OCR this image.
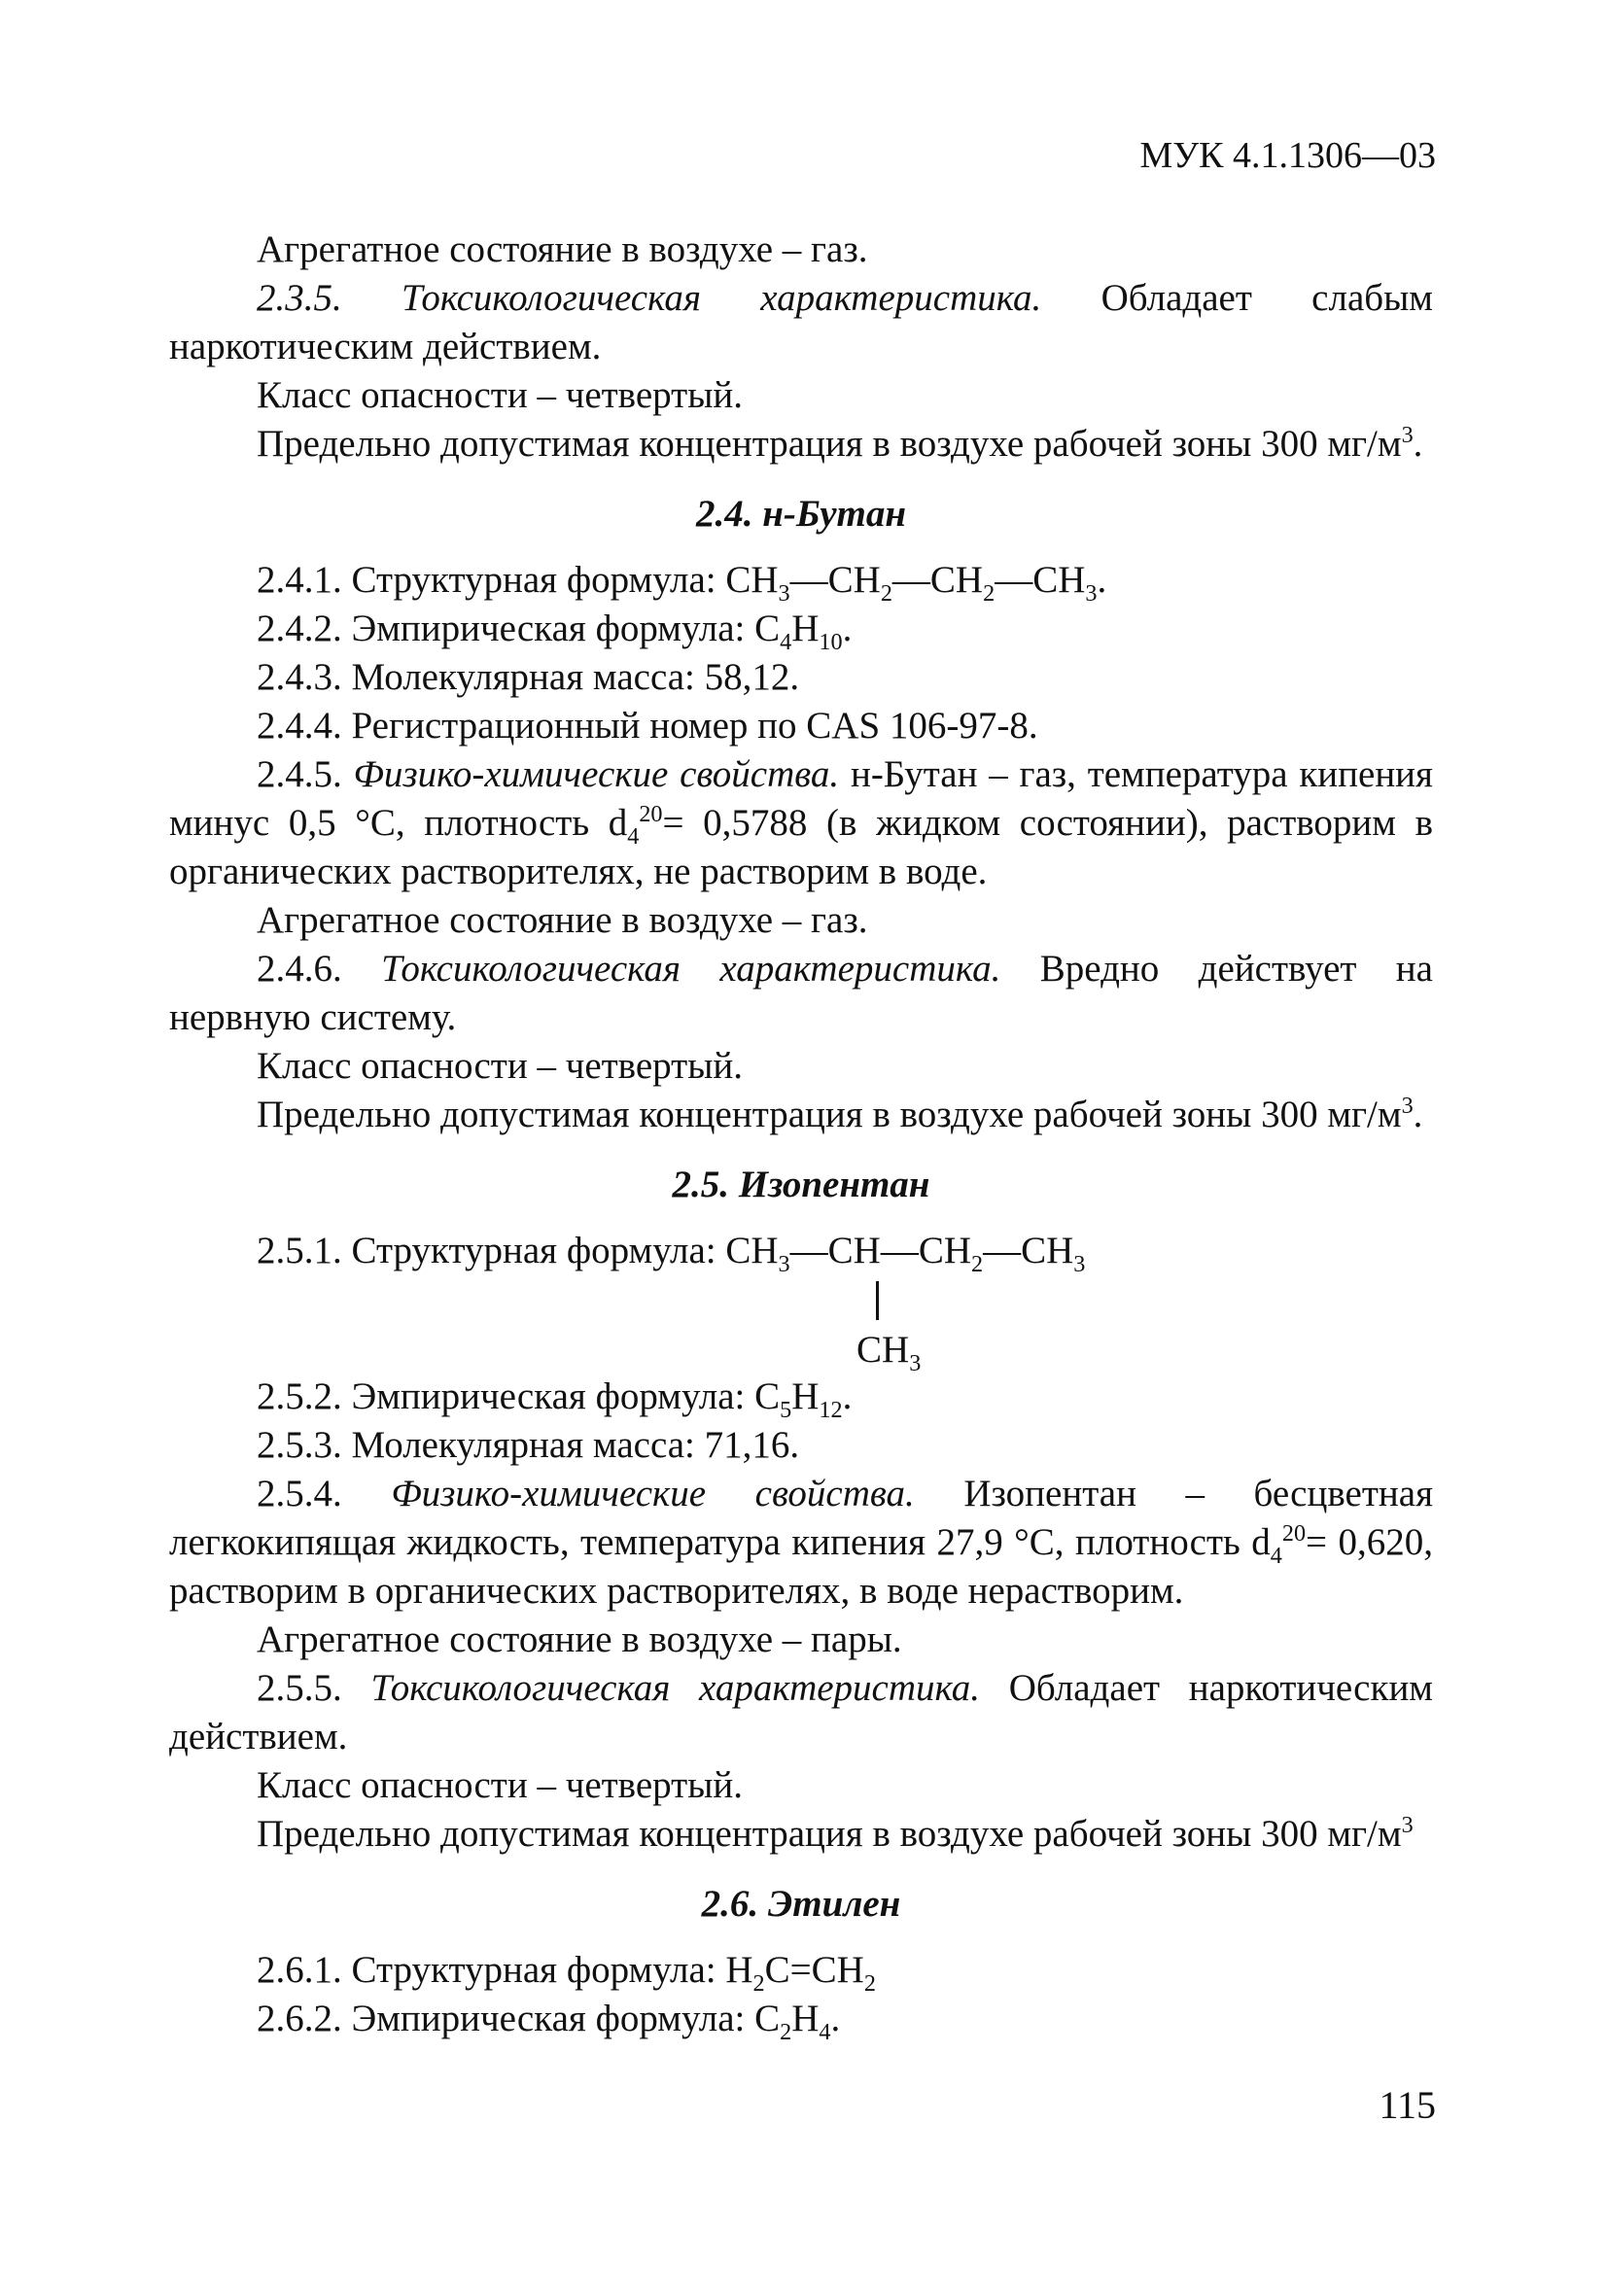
МУК 4.1.1306—03

Агрегатное состояние в воздухе – газ.

2.3.5. Токсикологическая характеристика. Обладает слабым наркотическим действием.

Класс опасности – четвертый.

Предельно допустимая концентрация в воздухе рабочей зоны 300 $мг/м^3$.

2.4. н-Бутан

2.4.1. Структурная формула: $CH_3—CH_2—CH_2—CH_3$.

2.4.2. Эмпирическая формула: $C_4H_{10}$.

2.4.3. Молекулярная масса: 58,12.

2.4.4. Регистрационный номер по CAS 106-97-8.

2.4.5. Физико-химические свойства. н-Бутан – газ, температура кипения минус 0,5 °С, плотность $d_4^{20}= 0,5788$ (в жидком состоянии), растворим в органических растворителях, не растворим в воде.

Агрегатное состояние в воздухе – газ.

2.4.6. Токсикологическая характеристика. Вредно действует на нервную систему.

Класс опасности – четвертый.

Предельно допустимая концентрация в воздухе рабочей зоны 300 $мг/м^3$.

2.5. Изопентан

2.5.1. Структурная формула: $CH_3—CH—CH_2—CH_3$

$CH_3$

2.5.2. Эмпирическая формула: $C_5H_{12}$.

2.5.3. Молекулярная масса: 71,16.

2.5.4. Физико-химические свойства. Изопентан – бесцветная легкокипящая жидкость, температура кипения 27,9 °С, плотность $d_4^{20}= 0,620$, растворим в органических растворителях, в воде нерастворим.

Агрегатное состояние в воздухе – пары.

2.5.5. Токсикологическая характеристика. Обладает наркотическим действием.

Класс опасности – четвертый.

Предельно допустимая концентрация в воздухе рабочей зоны 300 $мг/м^3$

2.6. Этилен

2.6.1. Структурная формула: $H_2C=CH_2$

2.6.2. Эмпирическая формула: $C_2H_4$.

115
